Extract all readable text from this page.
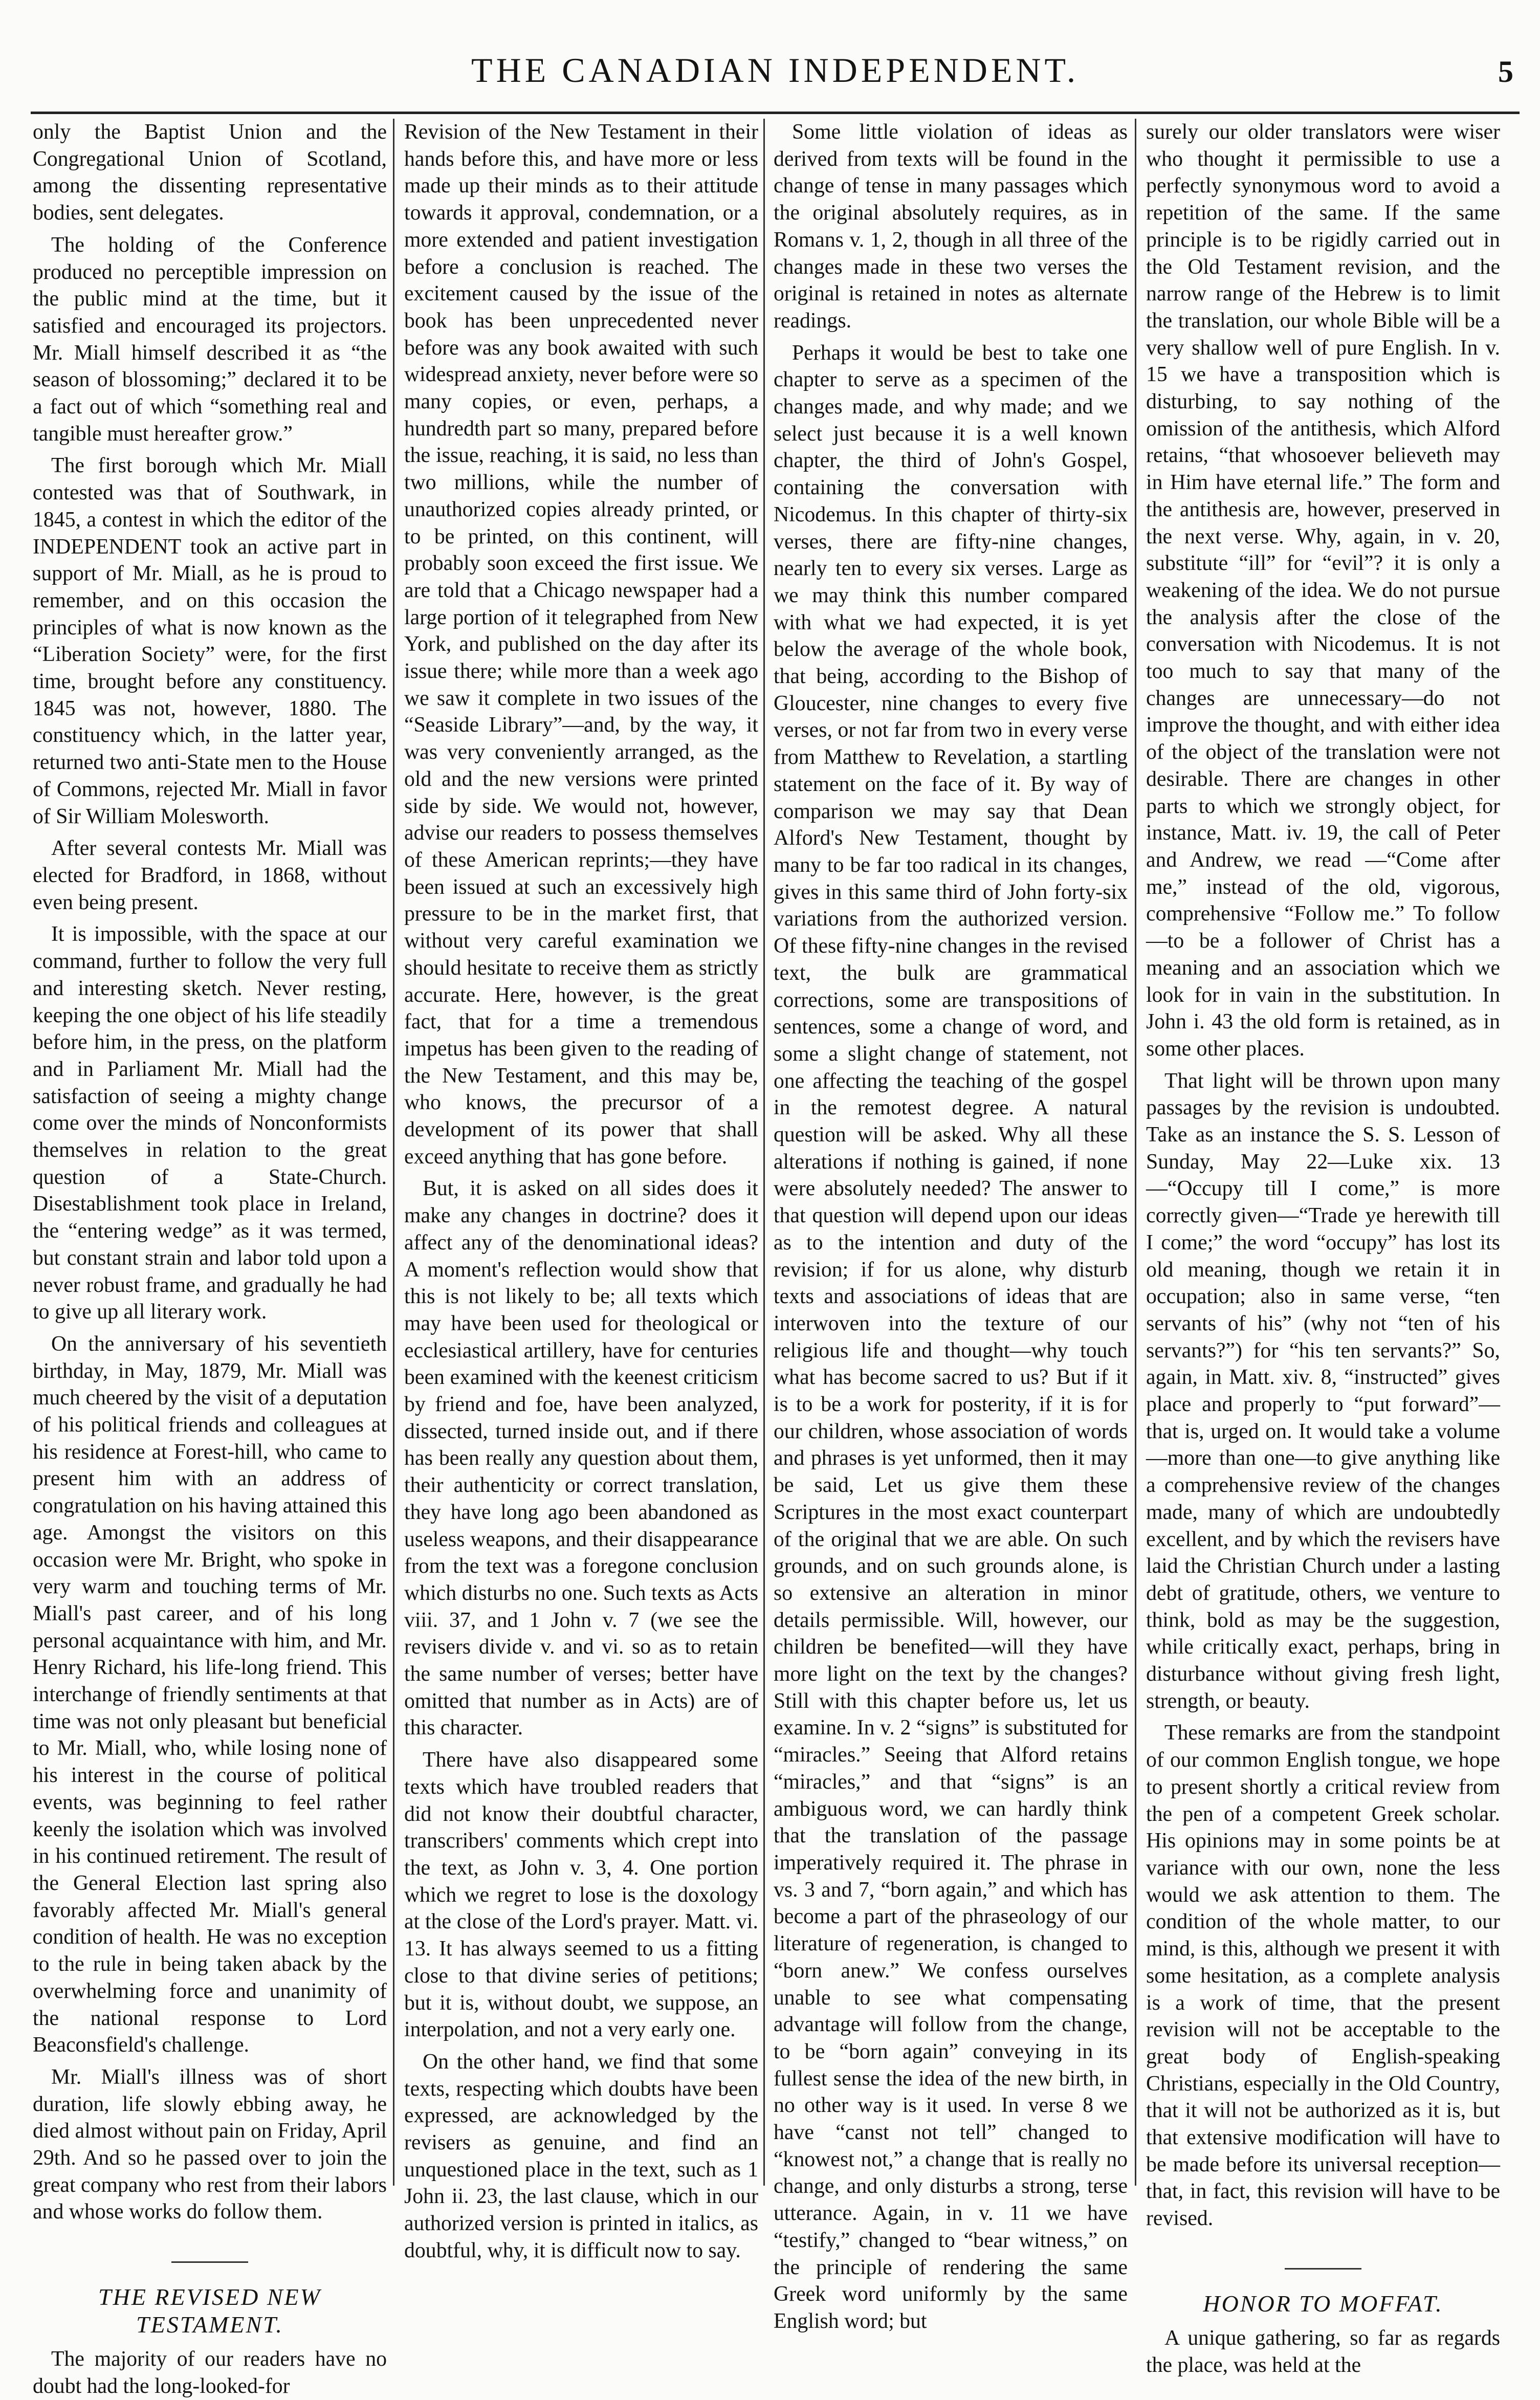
THE CANADIAN INDEPENDENT.	5

only the Baptist Union and the Congregational Union of Scotland, among the dissenting representative bodies, sent delegates.

The holding of the Conference produced no perceptible impression on the public mind at the time, but it satisfied and encouraged its projectors. Mr. Miall himself described it as “the season of blossoming;” declared it to be a fact out of which “something real and tangible must hereafter grow.”

The first borough which Mr. Miall contested was that of Southwark, in 1845, a contest in which the editor of the INDEPENDENT took an active part in support of Mr. Miall, as he is proud to remember, and on this occasion the principles of what is now known as the “Liberation Society” were, for the first time, brought before any constituency. 1845 was not, however, 1880. The constituency which, in the latter year, returned two anti-State men to the House of Commons, rejected Mr. Miall in favor of Sir William Molesworth.

After several contests Mr. Miall was elected for Bradford, in 1868, without even being present.

It is impossible, with the space at our command, further to follow the very full and interesting sketch. Never resting, keeping the one object of his life steadily before him, in the press, on the platform and in Parliament Mr. Miall had the satisfaction of seeing a mighty change come over the minds of Nonconformists themselves in relation to the great question of a State-Church. Disestablishment took place in Ireland, the “entering wedge” as it was termed, but constant strain and labor told upon a never robust frame, and gradually he had to give up all literary work.

On the anniversary of his seventieth birthday, in May, 1879, Mr. Miall was much cheered by the visit of a deputation of his political friends and colleagues at his residence at Forest-hill, who came to present him with an address of congratulation on his having attained this age. Amongst the visitors on this occasion were Mr. Bright, who spoke in very warm and touching terms of Mr. Miall's past career, and of his long personal acquaintance with him, and Mr. Henry Richard, his life-long friend. This interchange of friendly sentiments at that time was not only pleasant but beneficial to Mr. Miall, who, while losing none of his interest in the course of political events, was beginning to feel rather keenly the isolation which was involved in his continued retirement. The result of the General Election last spring also favorably affected Mr. Miall's general condition of health. He was no exception to the rule in being taken aback by the overwhelming force and unanimity of the national response to Lord Beaconsfield's challenge.

Mr. Miall's illness was of short duration, life slowly ebbing away, he died almost without pain on Friday, April 29th. And so he passed over to join the great company who rest from their labors and whose works do follow them.

THE REVISED NEW TESTAMENT.

The majority of our readers have no doubt had the long-looked-for

Revision of the New Testament in their hands before this, and have more or less made up their minds as to their attitude towards it approval, condemnation, or a more extended and patient investigation before a conclusion is reached. The excitement caused by the issue of the book has been unprecedented never before was any book awaited with such widespread anxiety, never before were so many copies, or even, perhaps, a hundredth part so many, prepared before the issue, reaching, it is said, no less than two millions, while the number of unauthorized copies already printed, or to be printed, on this continent, will probably soon exceed the first issue. We are told that a Chicago newspaper had a large portion of it telegraphed from New York, and published on the day after its issue there; while more than a week ago we saw it complete in two issues of the “Seaside Library”—and, by the way, it was very conveniently arranged, as the old and the new versions were printed side by side. We would not, however, advise our readers to possess themselves of these American reprints;—they have been issued at such an excessively high pressure to be in the market first, that without very careful examination we should hesitate to receive them as strictly accurate. Here, however, is the great fact, that for a time a tremendous impetus has been given to the reading of the New Testament, and this may be, who knows, the precursor of a development of its power that shall exceed anything that has gone before.

But, it is asked on all sides does it make any changes in doctrine? does it affect any of the denominational ideas? A moment's reflection would show that this is not likely to be; all texts which may have been used for theological or ecclesiastical artillery, have for centuries been examined with the keenest criticism by friend and foe, have been analyzed, dissected, turned inside out, and if there has been really any question about them, their authenticity or correct translation, they have long ago been abandoned as useless weapons, and their disappearance from the text was a foregone conclusion which disturbs no one. Such texts as Acts viii. 37, and 1 John v. 7 (we see the revisers divide v. and vi. so as to retain the same number of verses; better have omitted that number as in Acts) are of this character.

There have also disappeared some texts which have troubled readers that did not know their doubtful character, transcribers' comments which crept into the text, as John v. 3, 4. One portion which we regret to lose is the doxology at the close of the Lord's prayer. Matt. vi. 13. It has always seemed to us a fitting close to that divine series of petitions; but it is, without doubt, we suppose, an interpolation, and not a very early one.

On the other hand, we find that some texts, respecting which doubts have been expressed, are acknowledged by the revisers as genuine, and find an unquestioned place in the text, such as 1 John ii. 23, the last clause, which in our authorized version is printed in italics, as doubtful, why, it is difficult now to say.

Some little violation of ideas as derived from texts will be found in the change of tense in many passages which the original absolutely requires, as in Romans v. 1, 2, though in all three of the changes made in these two verses the original is retained in notes as alternate readings.

Perhaps it would be best to take one chapter to serve as a specimen of the changes made, and why made; and we select just because it is a well known chapter, the third of John's Gospel, containing the conversation with Nicodemus. In this chapter of thirty-six verses, there are fifty-nine changes, nearly ten to every six verses. Large as we may think this number compared with what we had expected, it is yet below the average of the whole book, that being, according to the Bishop of Gloucester, nine changes to every five verses, or not far from two in every verse from Matthew to Revelation, a startling statement on the face of it. By way of comparison we may say that Dean Alford's New Testament, thought by many to be far too radical in its changes, gives in this same third of John forty-six variations from the authorized version. Of these fifty-nine changes in the revised text, the bulk are grammatical corrections, some are transpositions of sentences, some a change of word, and some a slight change of statement, not one affecting the teaching of the gospel in the remotest degree. A natural question will be asked. Why all these alterations if nothing is gained, if none were absolutely needed? The answer to that question will depend upon our ideas as to the intention and duty of the revision; if for us alone, why disturb texts and associations of ideas that are interwoven into the texture of our religious life and thought—why touch what has become sacred to us? But if it is to be a work for posterity, if it is for our children, whose association of words and phrases is yet unformed, then it may be said, Let us give them these Scriptures in the most exact counterpart of the original that we are able. On such grounds, and on such grounds alone, is so extensive an alteration in minor details permissible. Will, however, our children be benefited—will they have more light on the text by the changes? Still with this chapter before us, let us examine. In v. 2 “signs” is substituted for “miracles.” Seeing that Alford retains “miracles,” and that “signs” is an ambiguous word, we can hardly think that the translation of the passage imperatively required it. The phrase in vs. 3 and 7, “born again,” and which has become a part of the phraseology of our literature of regeneration, is changed to “born anew.” We confess ourselves unable to see what compensating advantage will follow from the change, to be “born again” conveying in its fullest sense the idea of the new birth, in no other way is it used. In verse 8 we have “canst not tell” changed to “knowest not,” a change that is really no change, and only disturbs a strong, terse utterance. Again, in v. 11 we have “testify,” changed to “bear witness,” on the principle of rendering the same Greek word uniformly by the same English word; but

surely our older translators were wiser who thought it permissible to use a perfectly synonymous word to avoid a repetition of the same. If the same principle is to be rigidly carried out in the Old Testament revision, and the narrow range of the Hebrew is to limit the translation, our whole Bible will be a very shallow well of pure English. In v. 15 we have a transposition which is disturbing, to say nothing of the omission of the antithesis, which Alford retains, “that whosoever believeth may in Him have eternal life.” The form and the antithesis are, however, preserved in the next verse. Why, again, in v. 20, substitute “ill” for “evil”? it is only a weakening of the idea. We do not pursue the analysis after the close of the conversation with Nicodemus. It is not too much to say that many of the changes are unnecessary—do not improve the thought, and with either idea of the object of the translation were not desirable. There are changes in other parts to which we strongly object, for instance, Matt. iv. 19, the call of Peter and Andrew, we read —“Come after me,” instead of the old, vigorous, comprehensive “Follow me.” To follow—to be a follower of Christ has a meaning and an association which we look for in vain in the substitution. In John i. 43 the old form is retained, as in some other places.

That light will be thrown upon many passages by the revision is undoubted. Take as an instance the S. S. Lesson of Sunday, May 22—Luke xix. 13—“Occupy till I come,” is more correctly given—“Trade ye herewith till I come;” the word “occupy” has lost its old meaning, though we retain it in occupation; also in same verse, “ten servants of his” (why not “ten of his servants?”) for “his ten servants?” So, again, in Matt. xiv. 8, “instructed” gives place and properly to “put forward”—that is, urged on. It would take a volume—more than one—to give anything like a comprehensive review of the changes made, many of which are undoubtedly excellent, and by which the revisers have laid the Christian Church under a lasting debt of gratitude, others, we venture to think, bold as may be the suggestion, while critically exact, perhaps, bring in disturbance without giving fresh light, strength, or beauty.

These remarks are from the standpoint of our common English tongue, we hope to present shortly a critical review from the pen of a competent Greek scholar. His opinions may in some points be at variance with our own, none the less would we ask attention to them. The condition of the whole matter, to our mind, is this, although we present it with some hesitation, as a complete analysis is a work of time, that the present revision will not be acceptable to the great body of English-speaking Christians, especially in the Old Country, that it will not be authorized as it is, but that extensive modification will have to be made before its universal reception—that, in fact, this revision will have to be revised.

HONOR TO MOFFAT.

A unique gathering, so far as regards the place, was held at the
